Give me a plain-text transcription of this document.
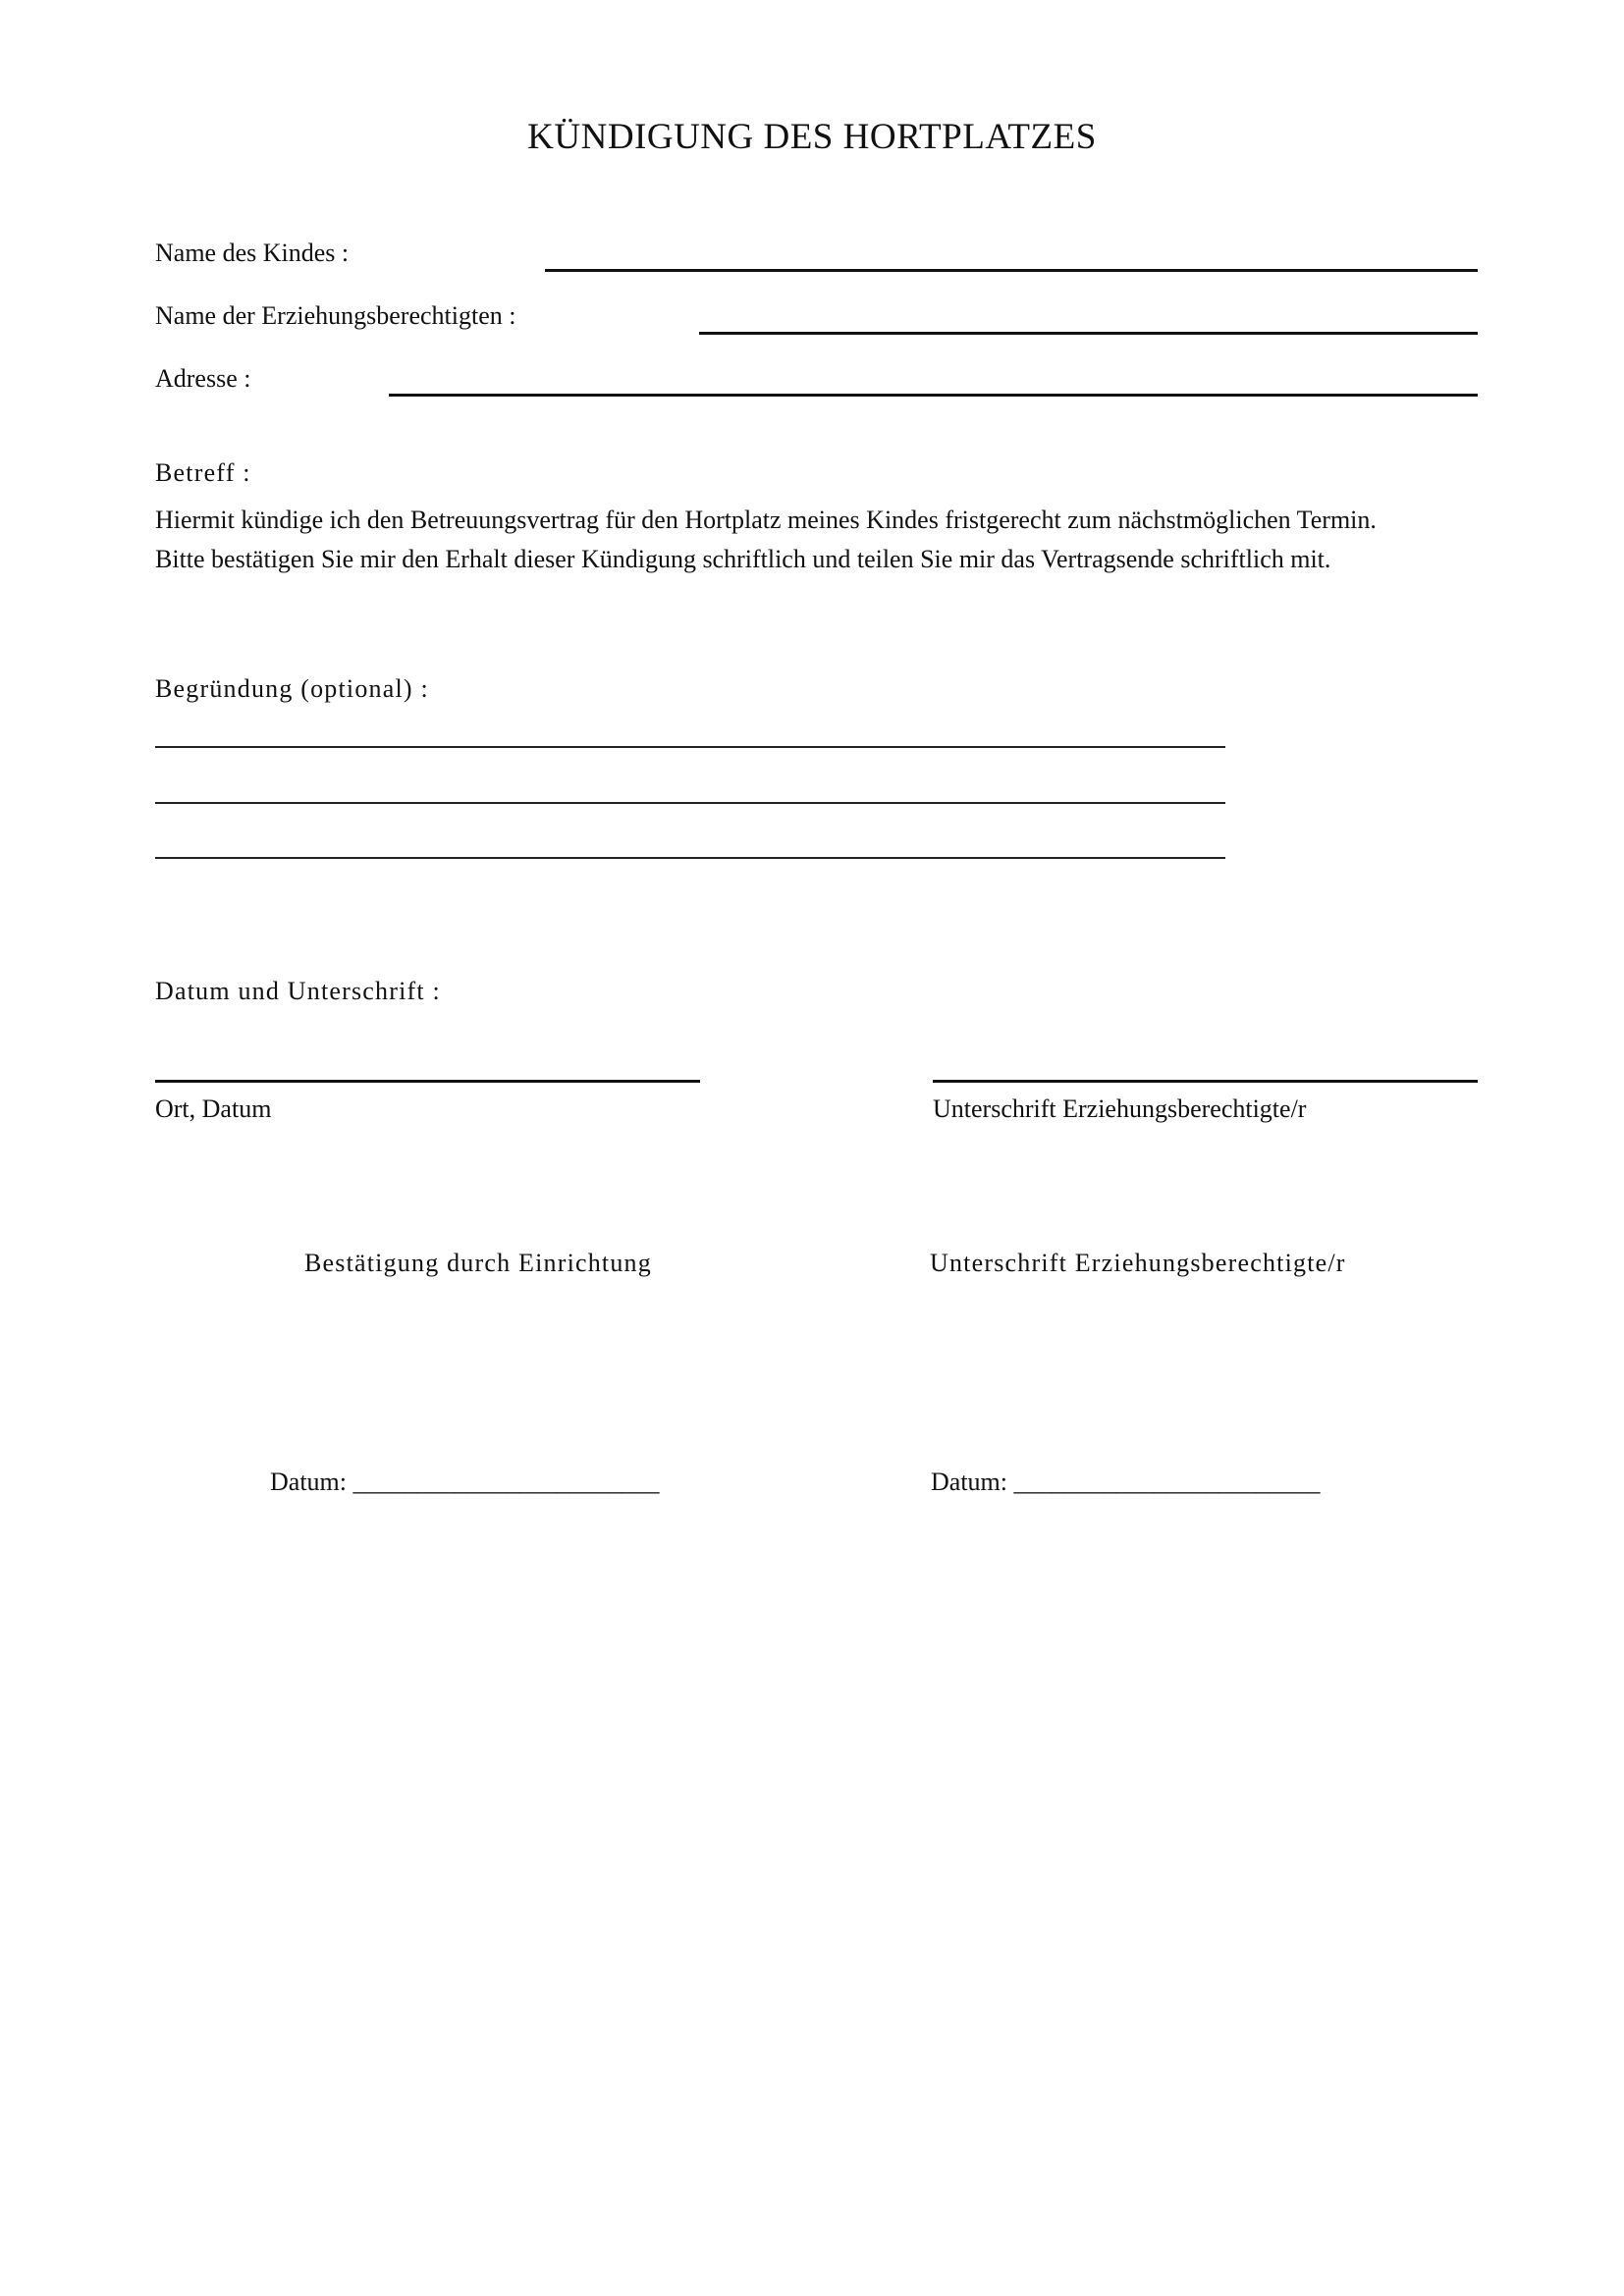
KÜNDIGUNG DES HORTPLATZES
Name des Kindes :
Name der Erziehungsberechtigten :
Adresse :
Betreff :
Hiermit kündige ich den Betreuungsvertrag für den Hortplatz meines Kindes fristgerecht zum nächstmöglichen Termin.
Bitte bestätigen Sie mir den Erhalt dieser Kündigung schriftlich und teilen Sie mir das Vertragsende schriftlich mit.
Begründung (optional) :
Datum und Unterschrift :
Ort, Datum	Unterschrift Erziehungsberechtigte/r
Bestätigung durch Einrichtung	Unterschrift Erziehungsberechtigte/r
Datum: ________________________	Datum: ________________________
